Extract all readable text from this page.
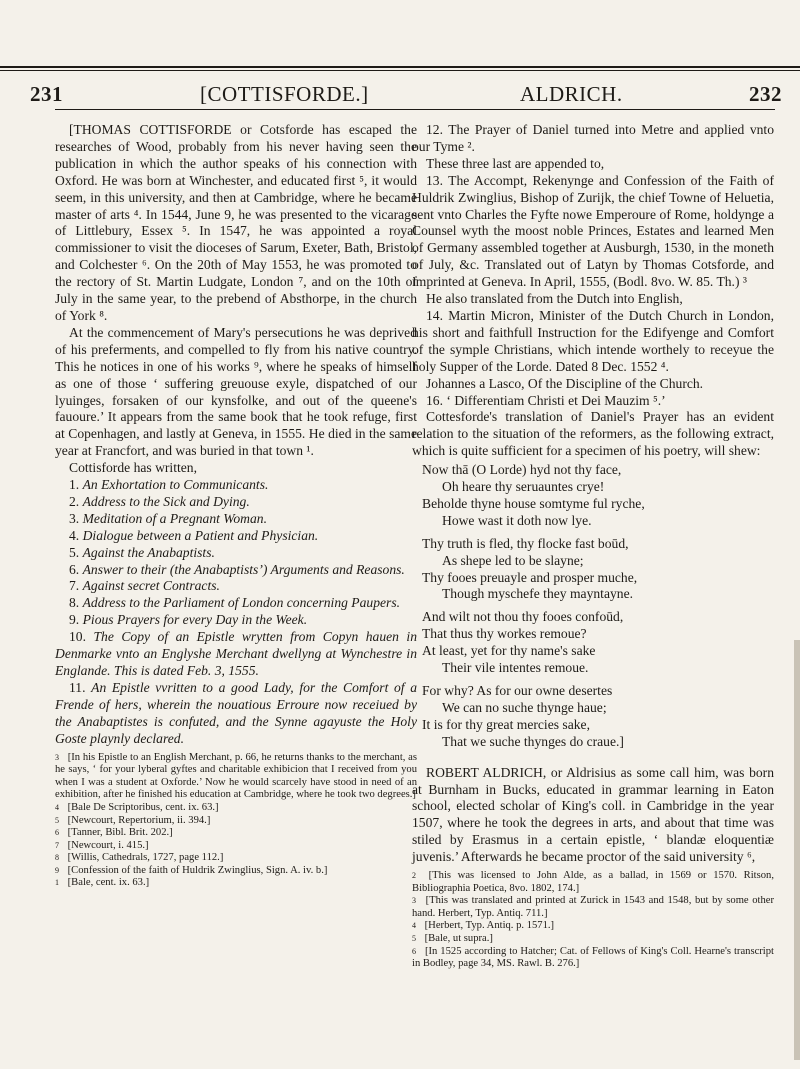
231	[COTTISFORDE.]	ALDRICH.	232

[THOMAS COTTISFORDE or Cotsforde has escaped the researches of Wood, probably from his never having seen the publication in which the author speaks of his connection with Oxford. He was born at Winchester, and educated first ⁵, it would seem, in this university, and then at Cambridge, where he became master of arts ⁴. In 1544, June 9, he was presented to the vicarage of Littlebury, Essex ⁵. In 1547, he was appointed a royal commissioner to visit the dioceses of Sarum, Exeter, Bath, Bristol, and Colchester ⁶. On the 20th of May 1553, he was promoted to the rectory of St. Martin Ludgate, London ⁷, and on the 10th of July in the same year, to the prebend of Absthorpe, in the church of York ⁸.

At the commencement of Mary's persecutions he was deprived of his preferments, and compelled to fly from his native country. This he notices in one of his works ⁹, where he speaks of himself as one of those ‘ suffering greuouse exyle, dispatched of our lyuinges, forsaken of our kynsfolke, and out of the queene's fauoure.’ It appears from the same book that he took refuge, first at Copenhagen, and lastly at Geneva, in 1555. He died in the same year at Francfort, and was buried in that town ¹.

Cottisforde has written,

1. An Exhortation to Communicants.

2. Address to the Sick and Dying.

3. Meditation of a Pregnant Woman.

4. Dialogue between a Patient and Physician.

5. Against the Anabaptists.

6. Answer to their (the Anabaptists’) Arguments and Reasons.

7. Against secret Contracts.

8. Address to the Parliament of London concerning Paupers.

9. Pious Prayers for every Day in the Week.

10. The Copy of an Epistle wrytten from Copyn hauen in Denmarke vnto an Englyshe Merchant dwellyng at Wynchestre in Englande. This is dated Feb. 3, 1555.

11. An Epistle vvritten to a good Lady, for the Comfort of a Frende of hers, wherein the nouatious Erroure now receiued by the Anabaptistes is confuted, and the Synne agayuste the Holy Goste playnly declared.

3 [In his Epistle to an English Merchant, p. 66, he returns thanks to the merchant, as he says, ‘ for your lyberal gyftes and charitable exhibicion that I received from you when I was a student at Oxforde.’ Now he would scarcely have stood in need of an exhibition, after he finished his education at Cambridge, where he took two degrees.]

4 [Bale De Scriptoribus, cent. ix. 63.]

5 [Newcourt, Repertorium, ii. 394.]

6 [Tanner, Bibl. Brit. 202.]

7 [Newcourt, i. 415.]

8 [Willis, Cathedrals, 1727, page 112.]

9 [Confession of the faith of Huldrik Zwinglius, Sign. A. iv. b.]

1 [Bale, cent. ix. 63.]

12. The Prayer of Daniel turned into Metre and applied vnto our Tyme ².

These three last are appended to,

13. The Accompt, Rekenynge and Confession of the Faith of Huldrik Zwinglius, Bishop of Zurijk, the chief Towne of Heluetia, sent vnto Charles the Fyfte nowe Emperoure of Rome, holdynge a Counsel wyth the moost noble Princes, Estates and learned Men of Germany assembled together at Ausburgh, 1530, in the moneth of July, &c. Translated out of Latyn by Thomas Cotsforde, and imprinted at Geneva. In April, 1555, (Bodl. 8vo. W. 85. Th.) ³

He also translated from the Dutch into English,

14. Martin Micron, Minister of the Dutch Church in London, his short and faithfull Instruction for the Edifyenge and Comfort of the symple Christians, which intende worthely to receyue the holy Supper of the Lorde. Dated 8 Dec. 1552 ⁴.

Johannes a Lasco, Of the Discipline of the Church.

16. ‘ Differentiam Christi et Dei Mauzim ⁵.’

Cottesforde's translation of Daniel's Prayer has an evident relation to the situation of the reformers, as the following extract, which is quite sufficient for a specimen of his poetry, will shew:

Now thā (O Lorde) hyd not thy face,
Oh heare thy seruauntes crye!
Beholde thyne house somtyme ful ryche,
Howe wast it doth now lye.
Thy truth is fled, thy flocke fast boūd,
As shepe led to be slayne;
Thy fooes preuayle and prosper muche,
Though myschefe they mayntayne.
And wilt not thou thy fooes confoūd,
That thus thy workes remoue?
At least, yet for thy name's sake
Their vile intentes remoue.
For why? As for our owne desertes
We can no suche thynge haue;
It is for thy great mercies sake,
That we suche thynges do craue.]

ROBERT ALDRICH, or Aldrisius as some call him, was born at Burnham in Bucks, educated in grammar learning in Eaton school, elected scholar of King's coll. in Cambridge in the year 1507, where he took the degrees in arts, and about that time was stiled by Erasmus in a certain epistle, ‘ blandæ eloquentiæ juvenis.’ Afterwards he became proctor of the said university ⁶,

2 [This was licensed to John Alde, as a ballad, in 1569 or 1570. Ritson, Bibliographia Poetica, 8vo. 1802, 174.]

3 [This was translated and printed at Zurick in 1543 and 1548, but by some other hand. Herbert, Typ. Antiq. 711.]

4 [Herbert, Typ. Antiq. p. 1571.]

5 [Bale, ut supra.]

6 [In 1525 according to Hatcher; Cat. of Fellows of King's Coll. Hearne's transcript in Bodley, page 34, MS. Rawl. B. 276.]
